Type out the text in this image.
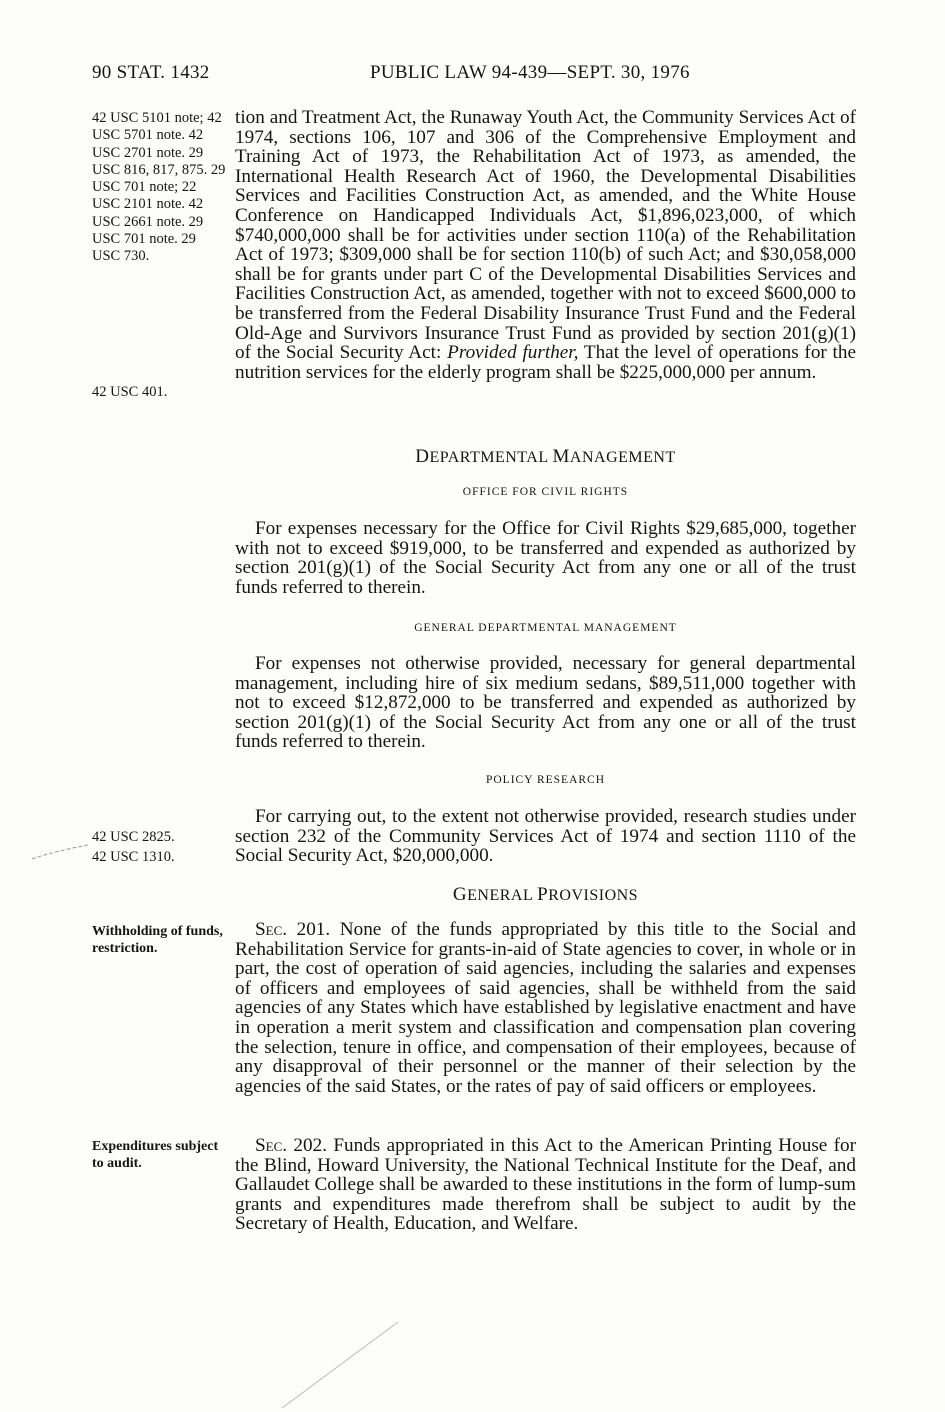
90 STAT. 1432	PUBLIC LAW 94-439—SEPT. 30, 1976
42 USC 5101 note; 42 USC 5701 note. 42 USC 2701 note. 29 USC 816, 817, 875. 29 USC 701 note; 22 USC 2101 note. 42 USC 2661 note. 29 USC 701 note. 29 USC 730.
42 USC 401.

tion and Treatment Act, the Runaway Youth Act, the Community Services Act of 1974, sections 106, 107 and 306 of the Comprehensive Employment and Training Act of 1973, the Rehabilitation Act of 1973, as amended, the International Health Research Act of 1960, the Developmental Disabilities Services and Facilities Construction Act, as amended, and the White House Conference on Handicapped Individuals Act, $1,896,023,000, of which $740,000,000 shall be for activities under section 110(a) of the Rehabilitation Act of 1973; $309,000 shall be for section 110(b) of such Act; and $30,058,000 shall be for grants under part C of the Developmental Disabilities Services and Facilities Construction Act, as amended, together with not to exceed $600,000 to be transferred from the Federal Disability Insurance Trust Fund and the Federal Old-Age and Survivors Insurance Trust Fund as provided by section 201(g)(1) of the Social Security Act: Provided further, That the level of operations for the nutrition services for the elderly program shall be $225,000,000 per annum.

DEPARTMENTAL MANAGEMENT
OFFICE FOR CIVIL RIGHTS

For expenses necessary for the Office for Civil Rights $29,685,000, together with not to exceed $919,000, to be transferred and expended as authorized by section 201(g)(1) of the Social Security Act from any one or all of the trust funds referred to therein.

GENERAL DEPARTMENTAL MANAGEMENT

For expenses not otherwise provided, necessary for general departmental management, including hire of six medium sedans, $89,511,000 together with not to exceed $12,872,000 to be transferred and expended as authorized by section 201(g)(1) of the Social Security Act from any one or all of the trust funds referred to therein.

POLICY RESEARCH
42 USC 2825.
42 USC 1310.

For carrying out, to the extent not otherwise provided, research studies under section 232 of the Community Services Act of 1974 and section 1110 of the Social Security Act, $20,000,000.

GENERAL PROVISIONS
Withholding of funds, restriction.

Sec. 201. None of the funds appropriated by this title to the Social and Rehabilitation Service for grants-in-aid of State agencies to cover, in whole or in part, the cost of operation of said agencies, including the salaries and expenses of officers and employees of said agencies, shall be withheld from the said agencies of any States which have established by legislative enactment and have in operation a merit system and classification and compensation plan covering the selection, tenure in office, and compensation of their employees, because of any disapproval of their personnel or the manner of their selection by the agencies of the said States, or the rates of pay of said officers or employees.

Expenditures subject to audit.

Sec. 202. Funds appropriated in this Act to the American Printing House for the Blind, Howard University, the National Technical Institute for the Deaf, and Gallaudet College shall be awarded to these institutions in the form of lump-sum grants and expenditures made therefrom shall be subject to audit by the Secretary of Health, Education, and Welfare.
